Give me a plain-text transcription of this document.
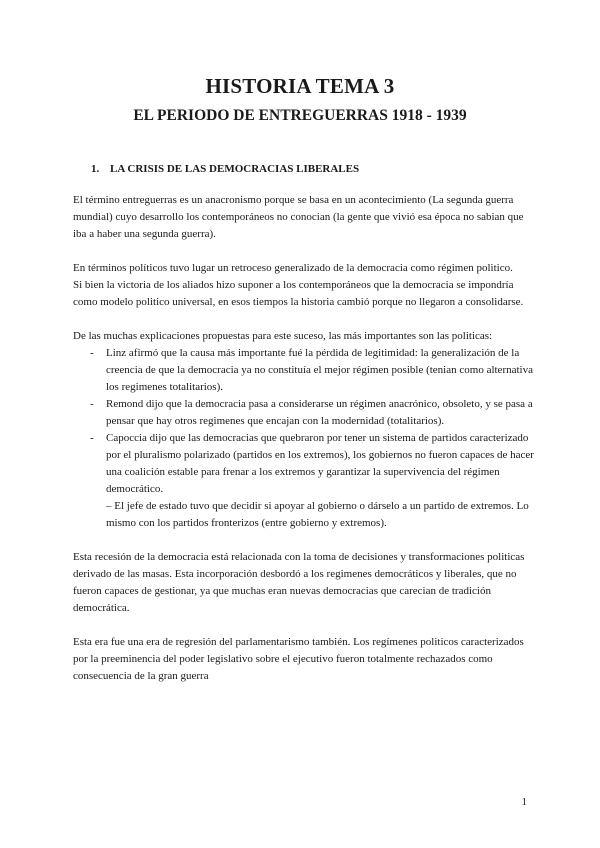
HISTORIA TEMA 3
EL PERIODO DE ENTREGUERRAS 1918 - 1939
1. LA CRISIS DE LAS DEMOCRACIAS LIBERALES

El término entreguerras es un anacronismo porque se basa en un acontecimiento (La segunda guerra mundial) cuyo desarrollo los contemporáneos no conocian (la gente que vivió esa época no sabian que iba a haber una segunda guerra).

En términos políticos tuvo lugar un retroceso generalizado de la democracia como régimen politico.

Si bien la victoria de los aliados hizo suponer a los contemporáneos que la democracia se impondría como modelo politico universal, en esos tiempos la historia cambió porque no llegaron a consolidarse.

De las muchas explicaciones propuestas para este suceso, las más importantes son las politicas:

- Linz afirmó que la causa más importante fué la pérdida de legitimidad: la generalización de la creencia de que la democracia ya no constituía el mejor régimen posible (tenian como alternativa los regimenes totalitarios).
- Remond dijo que la democracia pasa a considerarse un régimen anacrónico, obsoleto, y se pasa a pensar que hay otros regimenes que encajan con la modernidad (totalitarios).
- Capoccia dijo que las democracias que quebraron por tener un sistema de partidos caracterizado por el pluralismo polarizado (partidos en los extremos), los gobiernos no fueron capaces de hacer una coalición estable para frenar a los extremos y garantizar la supervivencia del régimen democrático.
– El jefe de estado tuvo que decidir si apoyar al gobierno o dárselo a un partido de extremos. Lo mismo con los partidos fronterizos (entre gobierno y extremos).

Esta recesión de la democracia está relacionada con la toma de decisiones y transformaciones politicas derivado de las masas. Esta incorporación desbordó a los regimenes democráticos y liberales, que no fueron capaces de gestionar, ya que muchas eran nuevas democracias que carecian de tradición democrática.

Esta era fue una era de regresión del parlamentarismo también. Los regímenes politicos caracterizados por la preeminencia del poder legislativo sobre el ejecutivo fueron totalmente rechazados como consecuencia de la gran guerra

1
